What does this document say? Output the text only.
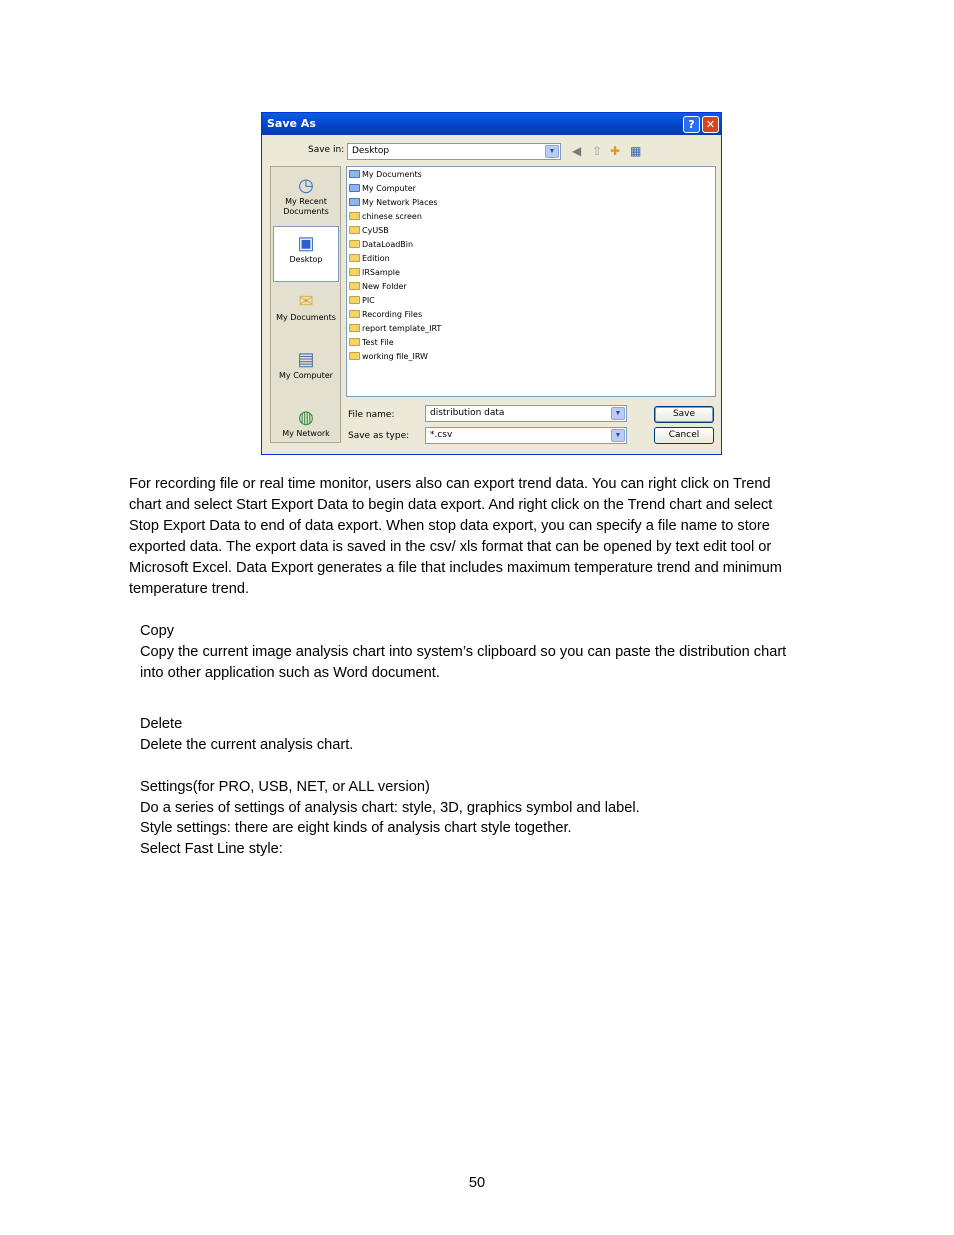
Save As	?	✕
Save in: Desktop	▼ ◀ ⇧ ✚ ▦
◷
My Recent Documents
▣
Desktop
✉
My Documents
▤
My Computer
◍
My Network
My Documents
My Computer
My Network Places
chinese screen
CyUSB
DataLoadBin
Edition
IRSample
New Folder
PIC
Recording Files
report template_IRT
Test File
working file_IRW
File name:	distribution data	▼
Save as type: *.csv	▼
Save
Cancel
For recording file or real time monitor, users also can export trend data. You can right click on Trend
chart and select Start Export Data to begin data export. And right click on the Trend chart and select
Stop Export Data to end of data export. When stop data export, you can specify a file name to store
exported data. The export data is saved in the csv/ xls format that can be opened by text edit tool or
Microsoft Excel. Data Export generates a file that includes maximum temperature trend and minimum
temperature trend.
Copy
Copy the current image analysis chart into system’s clipboard so you can paste the distribution chart
into other application such as Word document.
Delete
Delete the current analysis chart.
Settings(for PRO, USB, NET, or ALL version)
Do a series of settings of analysis chart: style, 3D, graphics symbol and label.
Style settings: there are eight kinds of analysis chart style together.
Select Fast Line style:
50
